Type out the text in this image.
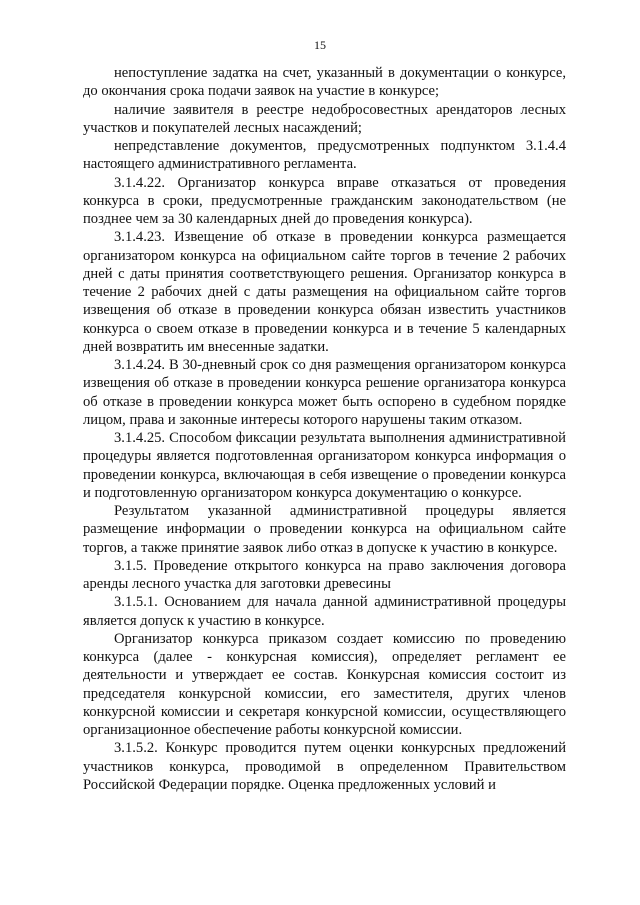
15

непоступление задатка на счет, указанный в документации о конкурсе, до окончания срока подачи заявок на участие в конкурсе;

наличие заявителя в реестре недобросовестных арендаторов лесных участков и покупателей лесных насаждений;

непредставление документов, предусмотренных подпунктом 3.1.4.4 настоящего административного регламента.

3.1.4.22. Организатор конкурса вправе отказаться от проведения конкурса в сроки, предусмотренные гражданским законодательством (не позднее чем за 30 календарных дней до проведения конкурса).

3.1.4.23. Извещение об отказе в проведении конкурса размещается организатором конкурса на официальном сайте торгов в течение 2 рабочих дней с даты принятия соответствующего решения. Организатор конкурса в течение 2 рабочих дней с даты размещения на официальном сайте торгов извещения об отказе в проведении конкурса обязан известить участников конкурса о своем отказе в проведении конкурса и в течение 5 календарных дней возвратить им внесенные задатки.

3.1.4.24. В 30-дневный срок со дня размещения организатором конкурса извещения об отказе в проведении конкурса решение организатора конкурса об отказе в проведении конкурса может быть оспорено в судебном порядке лицом, права и законные интересы которого нарушены таким отказом.

3.1.4.25. Способом фиксации результата выполнения административной процедуры является подготовленная организатором конкурса информация о проведении конкурса, включающая в себя извещение о проведении конкурса и подготовленную организатором конкурса документацию о конкурсе.

Результатом указанной административной процедуры является размещение информации о проведении конкурса на официальном сайте торгов, а также принятие заявок либо отказ в допуске к участию в конкурсе.

3.1.5. Проведение открытого конкурса на право заключения договора аренды лесного участка для заготовки древесины

3.1.5.1. Основанием для начала данной административной процедуры является допуск к участию в конкурсе.

Организатор конкурса приказом создает комиссию по проведению конкурса (далее - конкурсная комиссия), определяет регламент ее деятельности и утверждает ее состав. Конкурсная комиссия состоит из председателя конкурсной комиссии, его заместителя, других членов конкурсной комиссии и секретаря конкурсной комиссии, осуществляющего организационное обеспечение работы конкурсной комиссии.

3.1.5.2. Конкурс проводится путем оценки конкурсных предложений участников конкурса, проводимой в определенном Правительством Российской Федерации порядке. Оценка предложенных условий и
